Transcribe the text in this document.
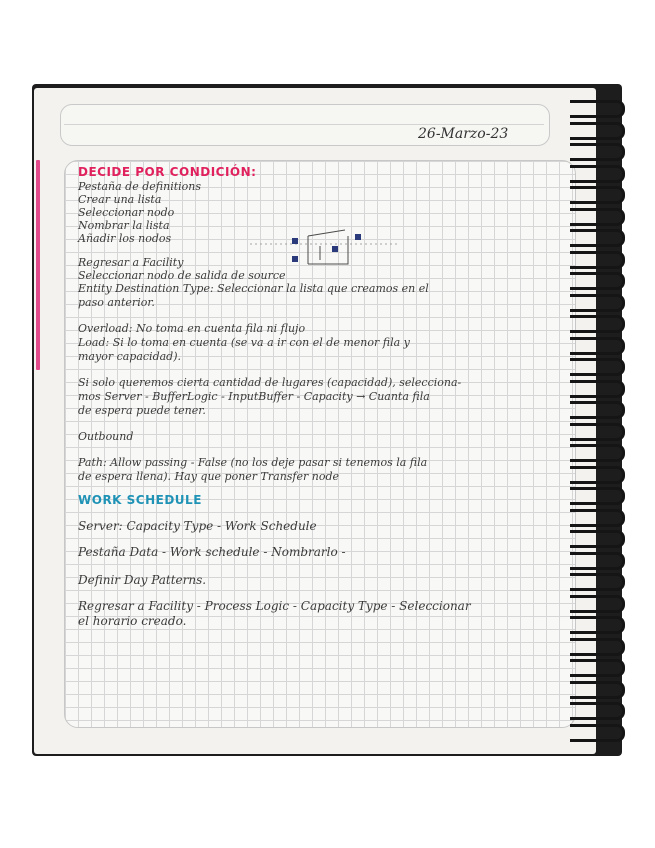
26-Marzo-23
DECIDE POR CONDICIÓN:
Pestaña de definitions
Crear una lista
Seleccionar nodo
Nombrar la lista
Añadir los nodos
Regresar a Facility
Seleccionar nodo de salida de source
Entity Destination Type: Seleccionar la lista que creamos en el
paso anterior.
Overload: No toma en cuenta fila ni flujo
Load: Si lo toma en cuenta (se va a ir con el de menor fila y
mayor capacidad).
Si solo queremos cierta cantidad de lugares (capacidad), selecciona-
mos Server - BufferLogic - InputBuffer - Capacity → Cuanta fila
de espera puede tener.
Outbound
Path: Allow passing - False (no los deje pasar si tenemos la fila
de espera llena). Hay que poner Transfer node
WORK SCHEDULE
Server: Capacity Type - Work Schedule
Pestaña Data - Work schedule - Nombrarlo -
Definir Day Patterns.
Regresar a Facility - Process Logic - Capacity Type - Seleccionar
el horario creado.
